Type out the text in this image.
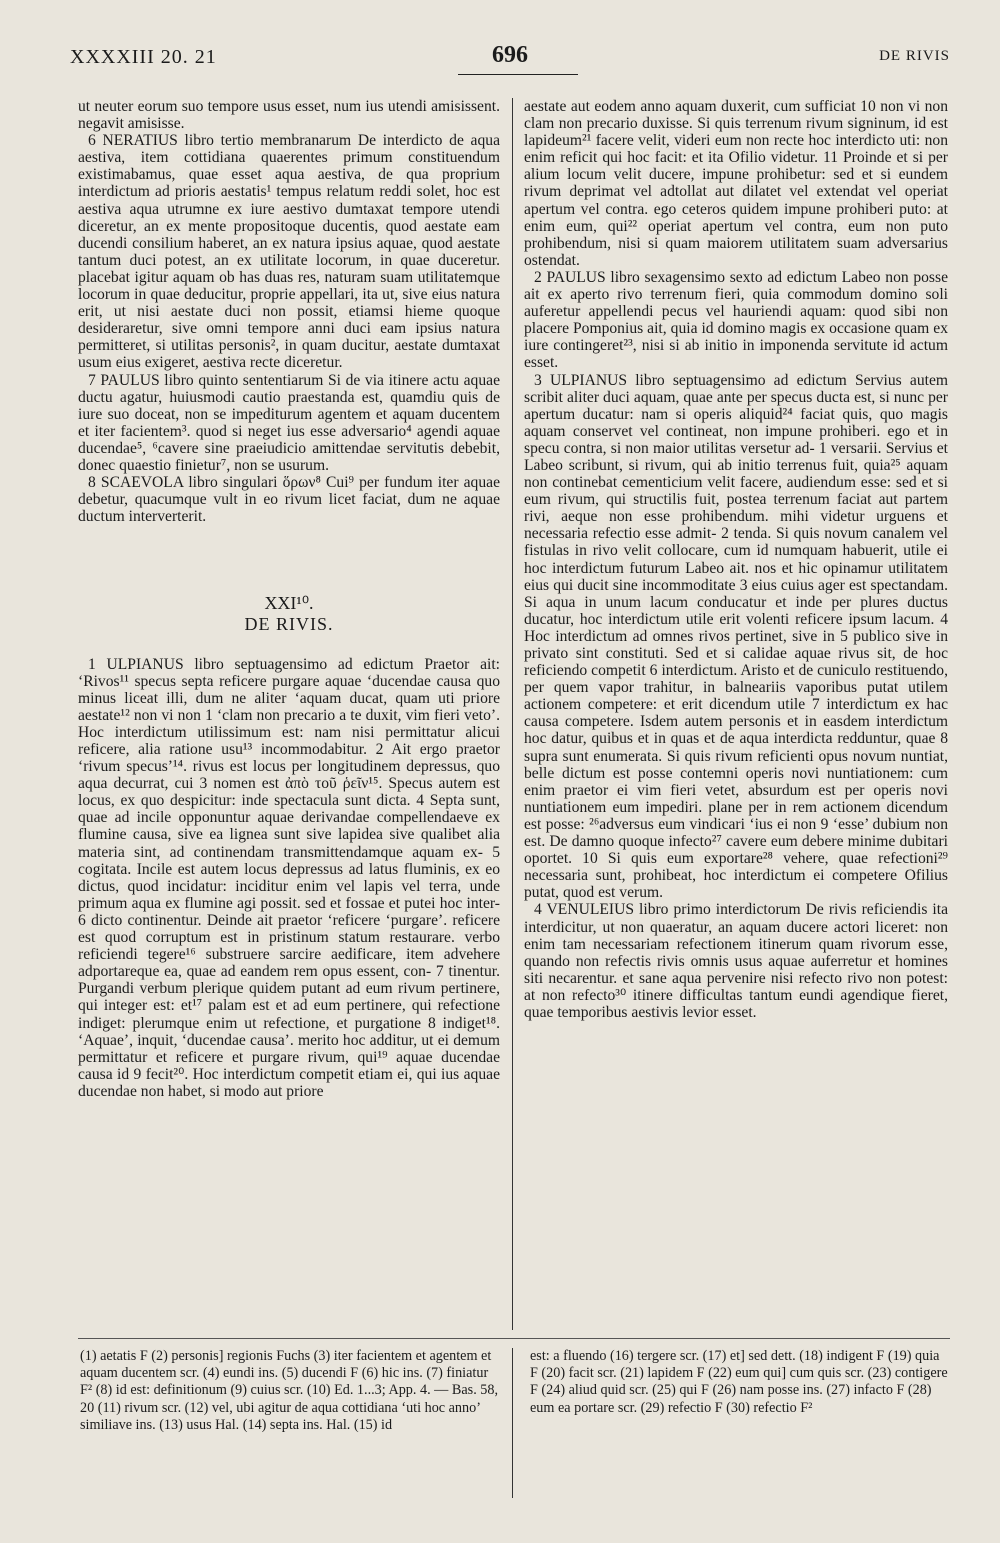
XXXXIII 20. 21	696	DE RIVIS

ut neuter eorum suo tempore usus esset, num ius utendi amisissent. negavit amisisse.

6 NERATIUS libro tertio membranarum De interdicto de aqua aestiva, item cottidiana quaerentes primum constituendum existimabamus, quae esset aqua aestiva, de qua proprium interdictum ad prioris aestatis¹ tempus relatum reddi solet, hoc est aestiva aqua utrumne ex iure aestivo dumtaxat tempore utendi diceretur, an ex mente propositoque ducentis, quod aestate eam ducendi consilium haberet, an ex natura ipsius aquae, quod aestate tantum duci potest, an ex utilitate locorum, in quae duceretur. placebat igitur aquam ob has duas res, naturam suam utilitatemque locorum in quae deducitur, proprie appellari, ita ut, sive eius natura erit, ut nisi aestate duci non possit, etiamsi hieme quoque desideraretur, sive omni tempore anni duci eam ipsius natura permitteret, si utilitas personis², in quam ducitur, aestate dumtaxat usum eius exigeret, aestiva recte diceretur.

7 PAULUS libro quinto sententiarum Si de via itinere actu aquae ductu agatur, huiusmodi cautio praestanda est, quamdiu quis de iure suo doceat, non se impediturum agentem et aquam ducentem et iter facientem³. quod si neget ius esse adversario⁴ agendi aquae ducendae⁵, ⁶cavere sine praeiudicio amittendae servitutis debebit, donec quaestio finietur⁷, non se usurum.

8 SCAEVOLA libro singulari ὅρων⁸ Cui⁹ per fundum iter aquae debetur, quacumque vult in eo rivum licet faciat, dum ne aquae ductum interverterit.

XXI¹⁰.
DE RIVIS.

1 ULPIANUS libro septuagensimo ad edictum Praetor ait: ‘Rivos¹¹ specus septa reficere purgare aquae ‘ducendae causa quo minus liceat illi, dum ne aliter ‘aquam ducat, quam uti priore aestate¹² non vi non 1 ‘clam non precario a te duxit, vim fieri veto’. Hoc interdictum utilissimum est: nam nisi permittatur alicui reficere, alia ratione usu¹³ incommodabitur. 2 Ait ergo praetor ‘rivum specus’¹⁴. rivus est locus per longitudinem depressus, quo aqua decurrat, cui 3 nomen est ἀπὸ τοῦ ῥεῖν¹⁵. Specus autem est locus, ex quo despicitur: inde spectacula sunt dicta. 4 Septa sunt, quae ad incile opponuntur aquae derivandae compellendaeve ex flumine causa, sive ea lignea sunt sive lapidea sive qualibet alia materia sint, ad continendam transmittendamque aquam ex- 5 cogitata. Incile est autem locus depressus ad latus fluminis, ex eo dictus, quod incidatur: inciditur enim vel lapis vel terra, unde primum aqua ex flumine agi possit. sed et fossae et putei hoc inter- 6 dicto continentur. Deinde ait praetor ‘reficere ‘purgare’. reficere est quod corruptum est in pristinum statum restaurare. verbo reficiendi tegere¹⁶ substruere sarcire aedificare, item advehere adportareque ea, quae ad eandem rem opus essent, con- 7 tinentur. Purgandi verbum plerique quidem putant ad eum rivum pertinere, qui integer est: et¹⁷ palam est et ad eum pertinere, qui refectione indiget: plerumque enim ut refectione, et purgatione 8 indiget¹⁸. ‘Aquae’, inquit, ‘ducendae causa’. merito hoc additur, ut ei demum permittatur et reficere et purgare rivum, qui¹⁹ aquae ducendae causa id 9 fecit²⁰. Hoc interdictum competit etiam ei, qui ius aquae ducendae non habet, si modo aut priore

aestate aut eodem anno aquam duxerit, cum sufficiat 10 non vi non clam non precario duxisse. Si quis terrenum rivum signinum, id est lapideum²¹ facere velit, videri eum non recte hoc interdicto uti: non enim reficit qui hoc facit: et ita Ofilio videtur. 11 Proinde et si per alium locum velit ducere, impune prohibetur: sed et si eundem rivum deprimat vel adtollat aut dilatet vel extendat vel operiat apertum vel contra. ego ceteros quidem impune prohiberi puto: at enim eum, qui²² operiat apertum vel contra, eum non puto prohibendum, nisi si quam maiorem utilitatem suam adversarius ostendat.

2 PAULUS libro sexagensimo sexto ad edictum Labeo non posse ait ex aperto rivo terrenum fieri, quia commodum domino soli auferetur appellendi pecus vel hauriendi aquam: quod sibi non placere Pomponius ait, quia id domino magis ex occasione quam ex iure contingeret²³, nisi si ab initio in imponenda servitute id actum esset.

3 ULPIANUS libro septuagensimo ad edictum Servius autem scribit aliter duci aquam, quae ante per specus ducta est, si nunc per apertum ducatur: nam si operis aliquid²⁴ faciat quis, quo magis aquam conservet vel contineat, non impune prohiberi. ego et in specu contra, si non maior utilitas versetur ad- 1 versarii. Servius et Labeo scribunt, si rivum, qui ab initio terrenus fuit, quia²⁵ aquam non continebat cementicium velit facere, audiendum esse: sed et si eum rivum, qui structilis fuit, postea terrenum faciat aut partem rivi, aeque non esse prohibendum. mihi videtur urguens et necessaria refectio esse admit- 2 tenda. Si quis novum canalem vel fistulas in rivo velit collocare, cum id numquam habuerit, utile ei hoc interdictum futurum Labeo ait. nos et hic opinamur utilitatem eius qui ducit sine incommoditate 3 eius cuius ager est spectandam. Si aqua in unum lacum conducatur et inde per plures ductus ducatur, hoc interdictum utile erit volenti reficere ipsum lacum. 4 Hoc interdictum ad omnes rivos pertinet, sive in 5 publico sive in privato sint constituti. Sed et si calidae aquae rivus sit, de hoc reficiendo competit 6 interdictum. Aristo et de cuniculo restituendo, per quem vapor trahitur, in balneariis vaporibus putat utilem actionem competere: et erit dicendum utile 7 interdictum ex hac causa competere. Isdem autem personis et in easdem interdictum hoc datur, quibus et in quas et de aqua interdicta redduntur, quae 8 supra sunt enumerata. Si quis rivum reficienti opus novum nuntiat, belle dictum est posse contemni operis novi nuntiationem: cum enim praetor ei vim fieri vetet, absurdum est per operis novi nuntiationem eum impediri. plane per in rem actionem dicendum est posse: ²⁶adversus eum vindicari ‘ius ei non 9 ‘esse’ dubium non est. De damno quoque infecto²⁷ cavere eum debere minime dubitari oportet. 10 Si quis eum exportare²⁸ vehere, quae refectioni²⁹ necessaria sunt, prohibeat, hoc interdictum ei competere Ofilius putat, quod est verum.

4 VENULEIUS libro primo interdictorum De rivis reficiendis ita interdicitur, ut non quaeratur, an aquam ducere actori liceret: non enim tam necessariam refectionem itinerum quam rivorum esse, quando non refectis rivis omnis usus aquae auferretur et homines siti necarentur. et sane aqua pervenire nisi refecto rivo non potest: at non refecto³⁰ itinere difficultas tantum eundi agendique fieret, quae temporibus aestivis levior esset.

(1) aetatis F (2) personis] regionis Fuchs (3) iter facientem et agentem et aquam ducentem scr. (4) eundi ins. (5) ducendi F (6) hic ins. (7) finiatur F² (8) id est: definitionum (9) cuius scr. (10) Ed. 1...3; App. 4. — Bas. 58, 20 (11) rivum scr. (12) vel, ubi agitur de aqua cottidiana ‘uti hoc anno’ similiave ins. (13) usus Hal. (14) septa ins. Hal. (15) id
est: a fluendo (16) tergere scr. (17) et] sed dett. (18) indigent F (19) quia F (20) facit scr. (21) lapidem F (22) eum qui] cum quis scr. (23) contigere F (24) aliud quid scr. (25) qui F (26) nam posse ins. (27) infacto F (28) eum ea portare scr. (29) refectio F (30) refectio F²
